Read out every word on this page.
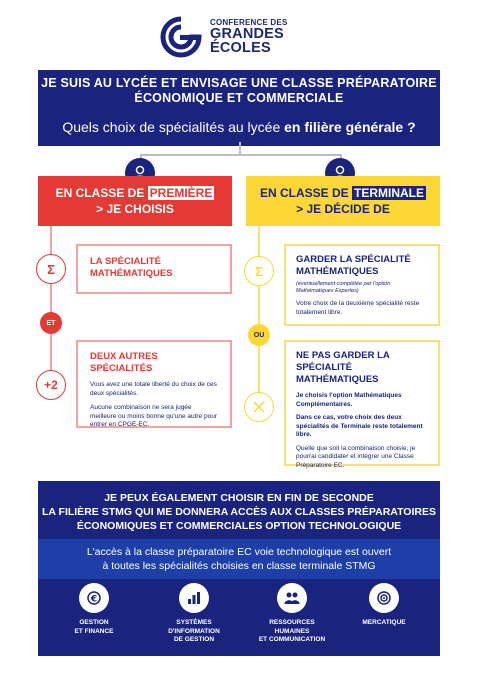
CONFERENCE DES
GRANDES
ÉCOLES
JE SUIS AU LYCÉE ET ENVISAGE UNE CLASSE PRÉPARATOIRE
ÉCONOMIQUE ET COMMERCIALE
Quels choix de spécialités au lycée en filière générale ?
EN CLASSE DE PREMIÈRE
> JE CHOISIS
EN CLASSE DE TERMINALE
> JE DÉCIDE DE
Σ	LA SPÉCIALITÉ
MATHÉMATIQUES
ET
+2
DEUX AUTRES SPÉCIALITÉS
Vous avez une totale liberté du choix de ces deux spécialités.
Aucune combinaison ne sera jugée meilleure ou moins bonne qu'une autre pour entrer en CPGE-EC.
Σ
GARDER LA SPÉCIALITÉ
MATHÉMATIQUES
(éventuellement complétée par l'option Mathématiques Expertes)
Votre choix de la deuxième spécialité reste totalement libre.
OU
NE PAS GARDER LA
SPÉCIALITÉ MATHÉMATIQUES
Je choisis l'option Mathématiques Complémentaires.
Dans ce cas, votre choix des deux spécialités de Terminale reste totalement libre.
Quelle que soit la combinaison choisie, je pourrai candidater et intégrer une Classe Préparatoire EC.
JE PEUX ÉGALEMENT CHOISIR EN FIN DE SECONDE
LA FILIÈRE STMG QUI ME DONNERA ACCÈS AUX CLASSES PRÉPARATOIRES
ÉCONOMIQUES ET COMMERCIALES OPTION TECHNOLOGIQUE
L'accès à la classe préparatoire EC voie technologique est ouvert
à toutes les spécialités choisies en classe terminale STMG
€
GESTION
ET FINANCE
SYSTÈMES
D'INFORMATION
DE GESTION
RESSOURCES
HUMAINES
ET COMMUNICATION
MERCATIQUE
